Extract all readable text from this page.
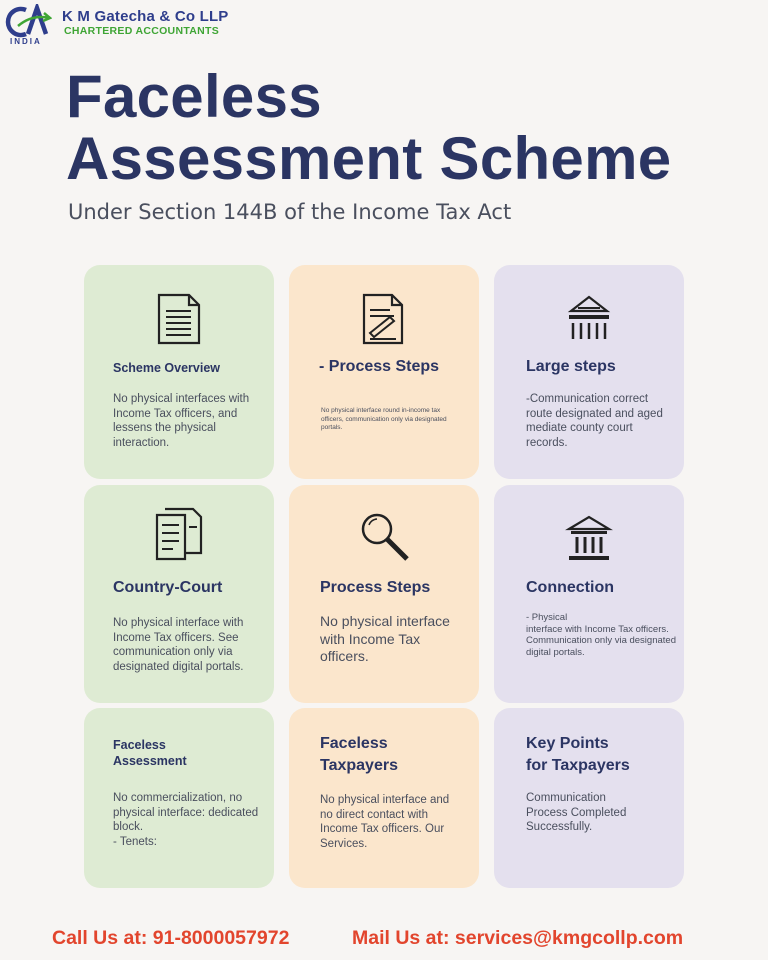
INDIA
K M Gatecha & Co LLP
CHARTERED ACCOUNTANTS
Faceless
Assessment Scheme
Under Section 144B of the Income Tax Act
Scheme Overview
No physical interfaces with Income Tax officers, and lessens the physical interaction.
- Process Steps
No physical interface round in-income tax officers, communication only via designated portals.
Large steps
-Communication correct route designated and aged mediate county court records.
Country-Court
No physical interface with Income Tax officers. See communication only via designated digital portals.
Process Steps
No physical interface with Income Tax officers.
Connection
- Physical
interface with Income Tax officers.
Communication only via designated digital portals.
Faceless
Assessment
No commercialization, no physical interface: dedicated block.
- Tenets:
Faceless
Taxpayers
No physical interface and no direct contact with Income Tax officers. Our Services.
Key Points
for Taxpayers
Communication Process Completed Successfully.
Call Us at: 91-8000057972	Mail Us at: services@kmgcollp.com
